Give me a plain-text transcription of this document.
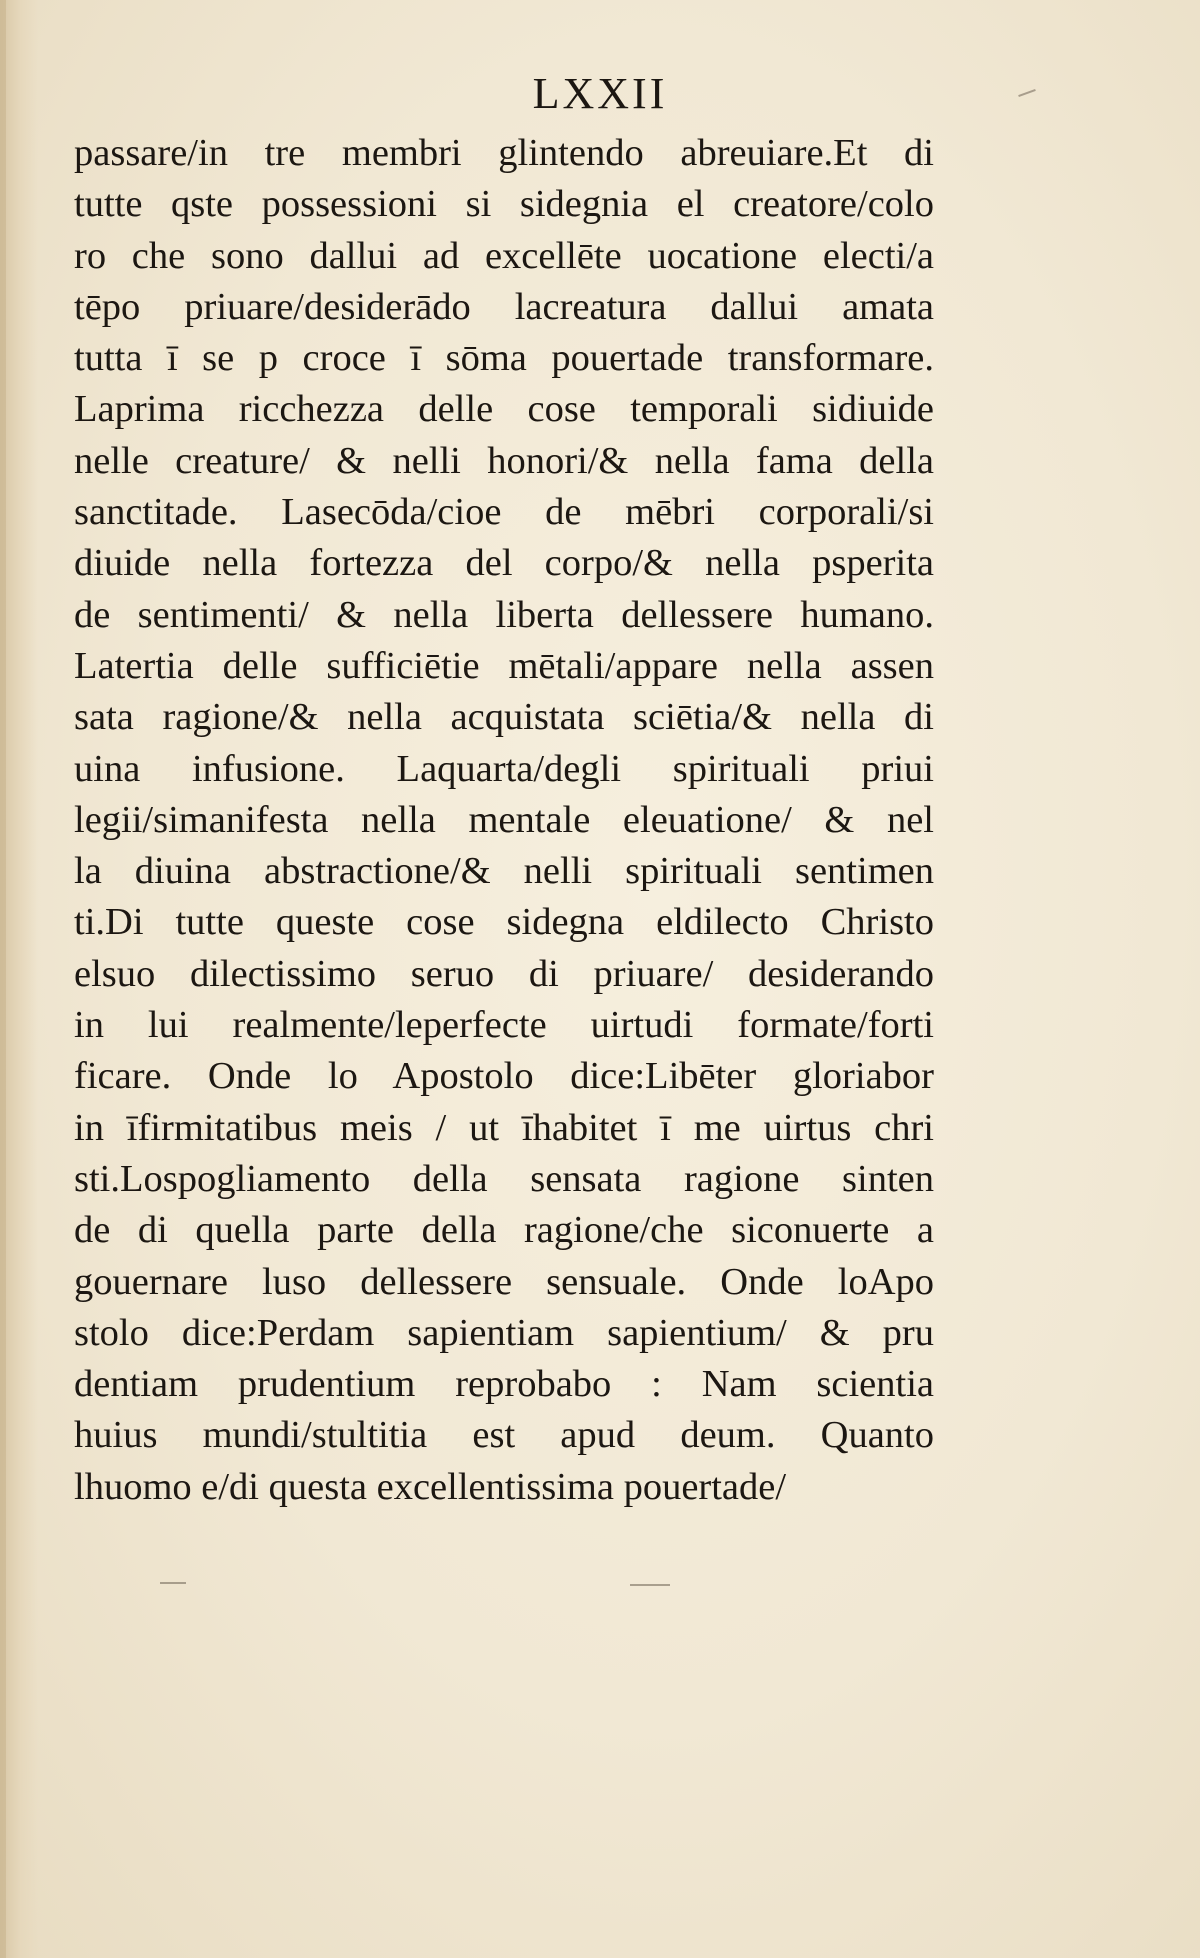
LXXII
passare/in tre membri glintendo abreuiare.Et di
tutte qste possessioni si sidegnia el creatore/colo
ro che sono dallui ad excellēte uocatione electi/a
tēpo priuare/desiderādo lacreatura dallui amata
tutta ī se p croce ī sōma pouertade transformare.
Laprima ricchezza delle cose temporali sidiuide
nelle creature/ & nelli honori/& nella fama della
sanctitade. Lasecōda/cioe de mēbri corporali/si
diuide nella fortezza del corpo/& nella psperita
de sentimenti/ & nella liberta dellessere humano.
Latertia delle sufficiētie mētali/appare nella assen
sata ragione/& nella acquistata sciētia/& nella di
uina infusione. Laquarta/degli spirituali priui
legii/simanifesta nella mentale eleuatione/ & nel
la diuina abstractione/& nelli spirituali sentimen
ti.Di tutte queste cose sidegna eldilecto Christo
elsuo dilectissimo seruo di priuare/ desiderando
in lui realmente/leperfecte uirtudi formate/forti
ficare. Onde lo Apostolo dice:Libēter gloriabor
in īfirmitatibus meis / ut īhabitet ī me uirtus chri
sti.Lospogliamento della sensata ragione sinten
de di quella parte della ragione/che siconuerte a
gouernare luso dellessere sensuale. Onde loApo
stolo dice:Perdam sapientiam sapientium/ & pru
dentiam prudentium reprobabo : Nam scientia
huius mundi/stultitia est apud deum. Quanto
lhuomo e/di questa excellentissima pouertade/
